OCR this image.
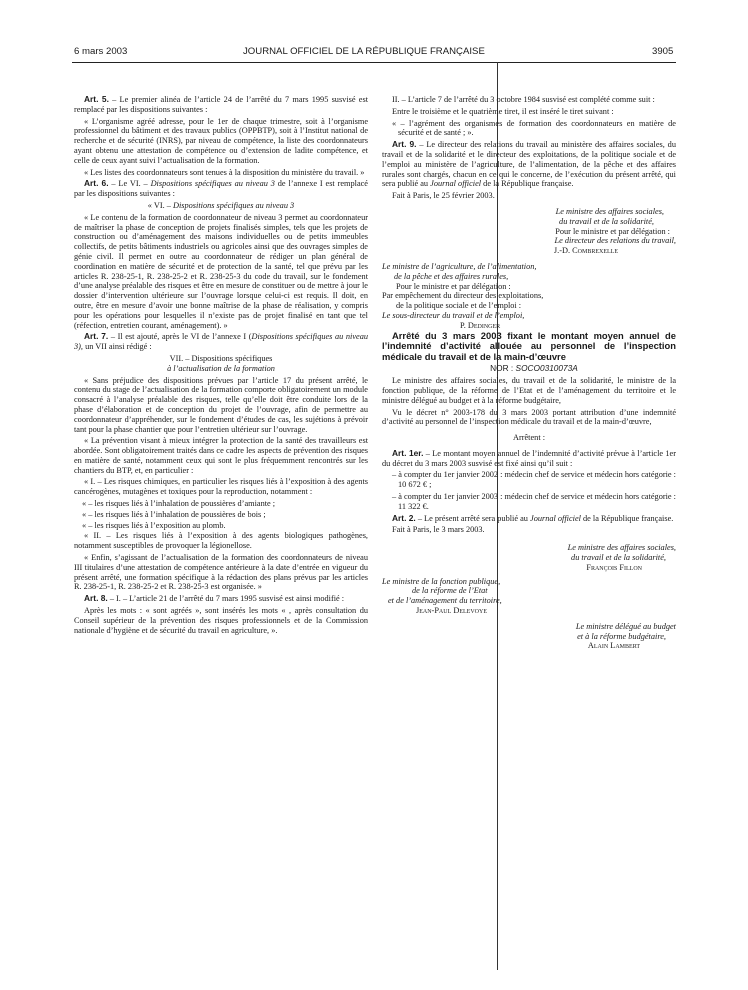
6 mars 2003	JOURNAL OFFICIEL DE LA RÉPUBLIQUE FRANÇAISE	3905

Art. 5. – Le premier alinéa de l’article 24 de l’arrêté du 7 mars 1995 susvisé est remplacé par les dispositions suivantes :

« L’organisme agréé adresse, pour le 1er de chaque trimestre, soit à l’organisme professionnel du bâtiment et des travaux publics (OPPBTP), soit à l’Institut national de recherche et de sécurité (INRS), par niveau de compétence, la liste des coordonnateurs ayant obtenu une attestation de compétence ou d’extension de ladite compétence, et celle de ceux ayant suivi l’actualisation de la formation.

« Les listes des coordonnateurs sont tenues à la disposition du ministère du travail. »

Art. 6. – Le VI. – Dispositions spécifiques au niveau 3 de l’annexe I est remplacé par les dispositions suivantes :

« VI. – Dispositions spécifiques au niveau 3

« Le contenu de la formation de coordonnateur de niveau 3 permet au coordonnateur de maîtriser la phase de conception de projets finalisés simples, tels que les projets de construction ou d’aménagement des maisons individuelles ou de petits immeubles collectifs, de petits bâtiments industriels ou agricoles ainsi que des ouvrages simples de génie civil. Il permet en outre au coordonnateur de rédiger un plan général de coordination en matière de sécurité et de protection de la santé, tel que prévu par les articles R. 238-25-1, R. 238-25-2 et R. 238-25-3 du code du travail, sur le fondement d’une analyse préalable des risques et être en mesure de constituer ou de mettre à jour le dossier d’intervention ultérieure sur l’ouvrage lorsque celui-ci est requis. Il doit, en outre, être en mesure d’avoir une bonne maîtrise de la phase de réalisation, y compris pour les opérations pour lesquelles il n’existe pas de projet finalisé en tant que tel (réfection, entretien courant, aménagement). »

Art. 7. – Il est ajouté, après le VI de l’annexe I (Dispositions spécifiques au niveau 3), un VII ainsi rédigé :

VII. – Dispositions spécifiques

à l’actualisation de la formation

« Sans préjudice des dispositions prévues par l’article 17 du présent arrêté, le contenu du stage de l’actualisation de la formation comporte obligatoirement un module consacré à l’analyse préalable des risques, telle qu’elle doit être conduite lors de la phase d’élaboration et de conception du projet de l’ouvrage, afin de permettre au coordonnateur d’appréhender, sur le fondement d’études de cas, les sujétions à prévoir tant pour la phase chantier que pour l’entretien ultérieur sur l’ouvrage.

« La prévention visant à mieux intégrer la protection de la santé des travailleurs est abordée. Sont obligatoirement traités dans ce cadre les aspects de prévention des risques en matière de santé, notamment ceux qui sont le plus fréquemment rencontrés sur les chantiers du BTP, et, en particulier :

« I. – Les risques chimiques, en particulier les risques liés à l’exposition à des agents cancérogènes, mutagènes et toxiques pour la reproduction, notamment :

« – les risques liés à l’inhalation de poussières d’amiante ;

« – les risques liés à l’inhalation de poussières de bois ;

« – les risques liés à l’exposition au plomb.

« II. – Les risques liés à l’exposition à des agents biologiques pathogènes, notamment susceptibles de provoquer la légionellose.

« Enfin, s’agissant de l’actualisation de la formation des coordonnateurs de niveau III titulaires d’une attestation de compétence antérieure à la date d’entrée en vigueur du présent arrêté, une formation spécifique à la rédaction des plans prévus par les articles R. 238-25-1, R. 238-25-2 et R. 238-25-3 est organisée. »

Art. 8. – I. – L’article 21 de l’arrêté du 7 mars 1995 susvisé est ainsi modifié :

Après les mots : « sont agréés », sont insérés les mots « , après consultation du Conseil supérieur de la prévention des risques professionnels et de la Commission nationale d’hygiène et de sécurité du travail en agriculture, ».

II. – L’article 7 de l’arrêté du 3 octobre 1984 susvisé est complété comme suit :

Entre le troisième et le quatrième tiret, il est inséré le tiret suivant :

« – l’agrément des organismes de formation des coordonnateurs en matière de sécurité et de santé ; ».

Art. 9. – Le directeur des relations du travail au ministère des affaires sociales, du travail et de la solidarité et le directeur des exploitations, de la politique sociale et de l’emploi au ministère de l’agriculture, de l’alimentation, de la pêche et des affaires rurales sont chargés, chacun en ce qui le concerne, de l’exécution du présent arrêté, qui sera publié au Journal officiel de la République française.

Fait à Paris, le 25 février 2003.

Le ministre des affaires sociales,

du travail et de la solidarité,

Pour le ministre et par délégation :

Le directeur des relations du travail,

J.-D. Combrexelle

Le ministre de l’agriculture, de l’alimentation,

de la pêche et des affaires rurales,

Pour le ministre et par délégation :

Par empêchement du directeur des exploitations,

de la politique sociale et de l’emploi :

Le sous-directeur du travail et de l’emploi,

P. Dedinger

Arrêté du 3 mars 2003 fixant le montant moyen annuel de l’indemnité d’activité allouée au personnel de l’inspection médicale du travail et de la main-d’œuvre

NOR : SOCO0310073A

Le ministre des affaires sociales, du travail et de la solidarité, le ministre de la fonction publique, de la réforme de l’Etat et de l’aménagement du territoire et le ministre délégué au budget et à la réforme budgétaire,

Vu le décret n° 2003-178 du 3 mars 2003 portant attribution d’une indemnité d’activité au personnel de l’inspection médicale du travail et de la main-d’œuvre,

Arrêtent :

Art. 1er. – Le montant moyen annuel de l’indemnité d’activité prévue à l’article 1er du décret du 3 mars 2003 susvisé est fixé ainsi qu’il suit :

– à compter du 1er janvier 2002 : médecin chef de service et médecin hors catégorie : 10 672 € ;

– à compter du 1er janvier 2003 : médecin chef de service et médecin hors catégorie : 11 322 €.

Art. 2. – Le présent arrêté sera publié au Journal officiel de la République française.

Fait à Paris, le 3 mars 2003.

Le ministre des affaires sociales,

du travail et de la solidarité,

François Fillon

Le ministre de la fonction publique,

de la réforme de l’Etat

et de l’aménagement du territoire,

Jean-Paul Delevoye

Le ministre délégué au budget

et à la réforme budgétaire,

Alain Lambert
